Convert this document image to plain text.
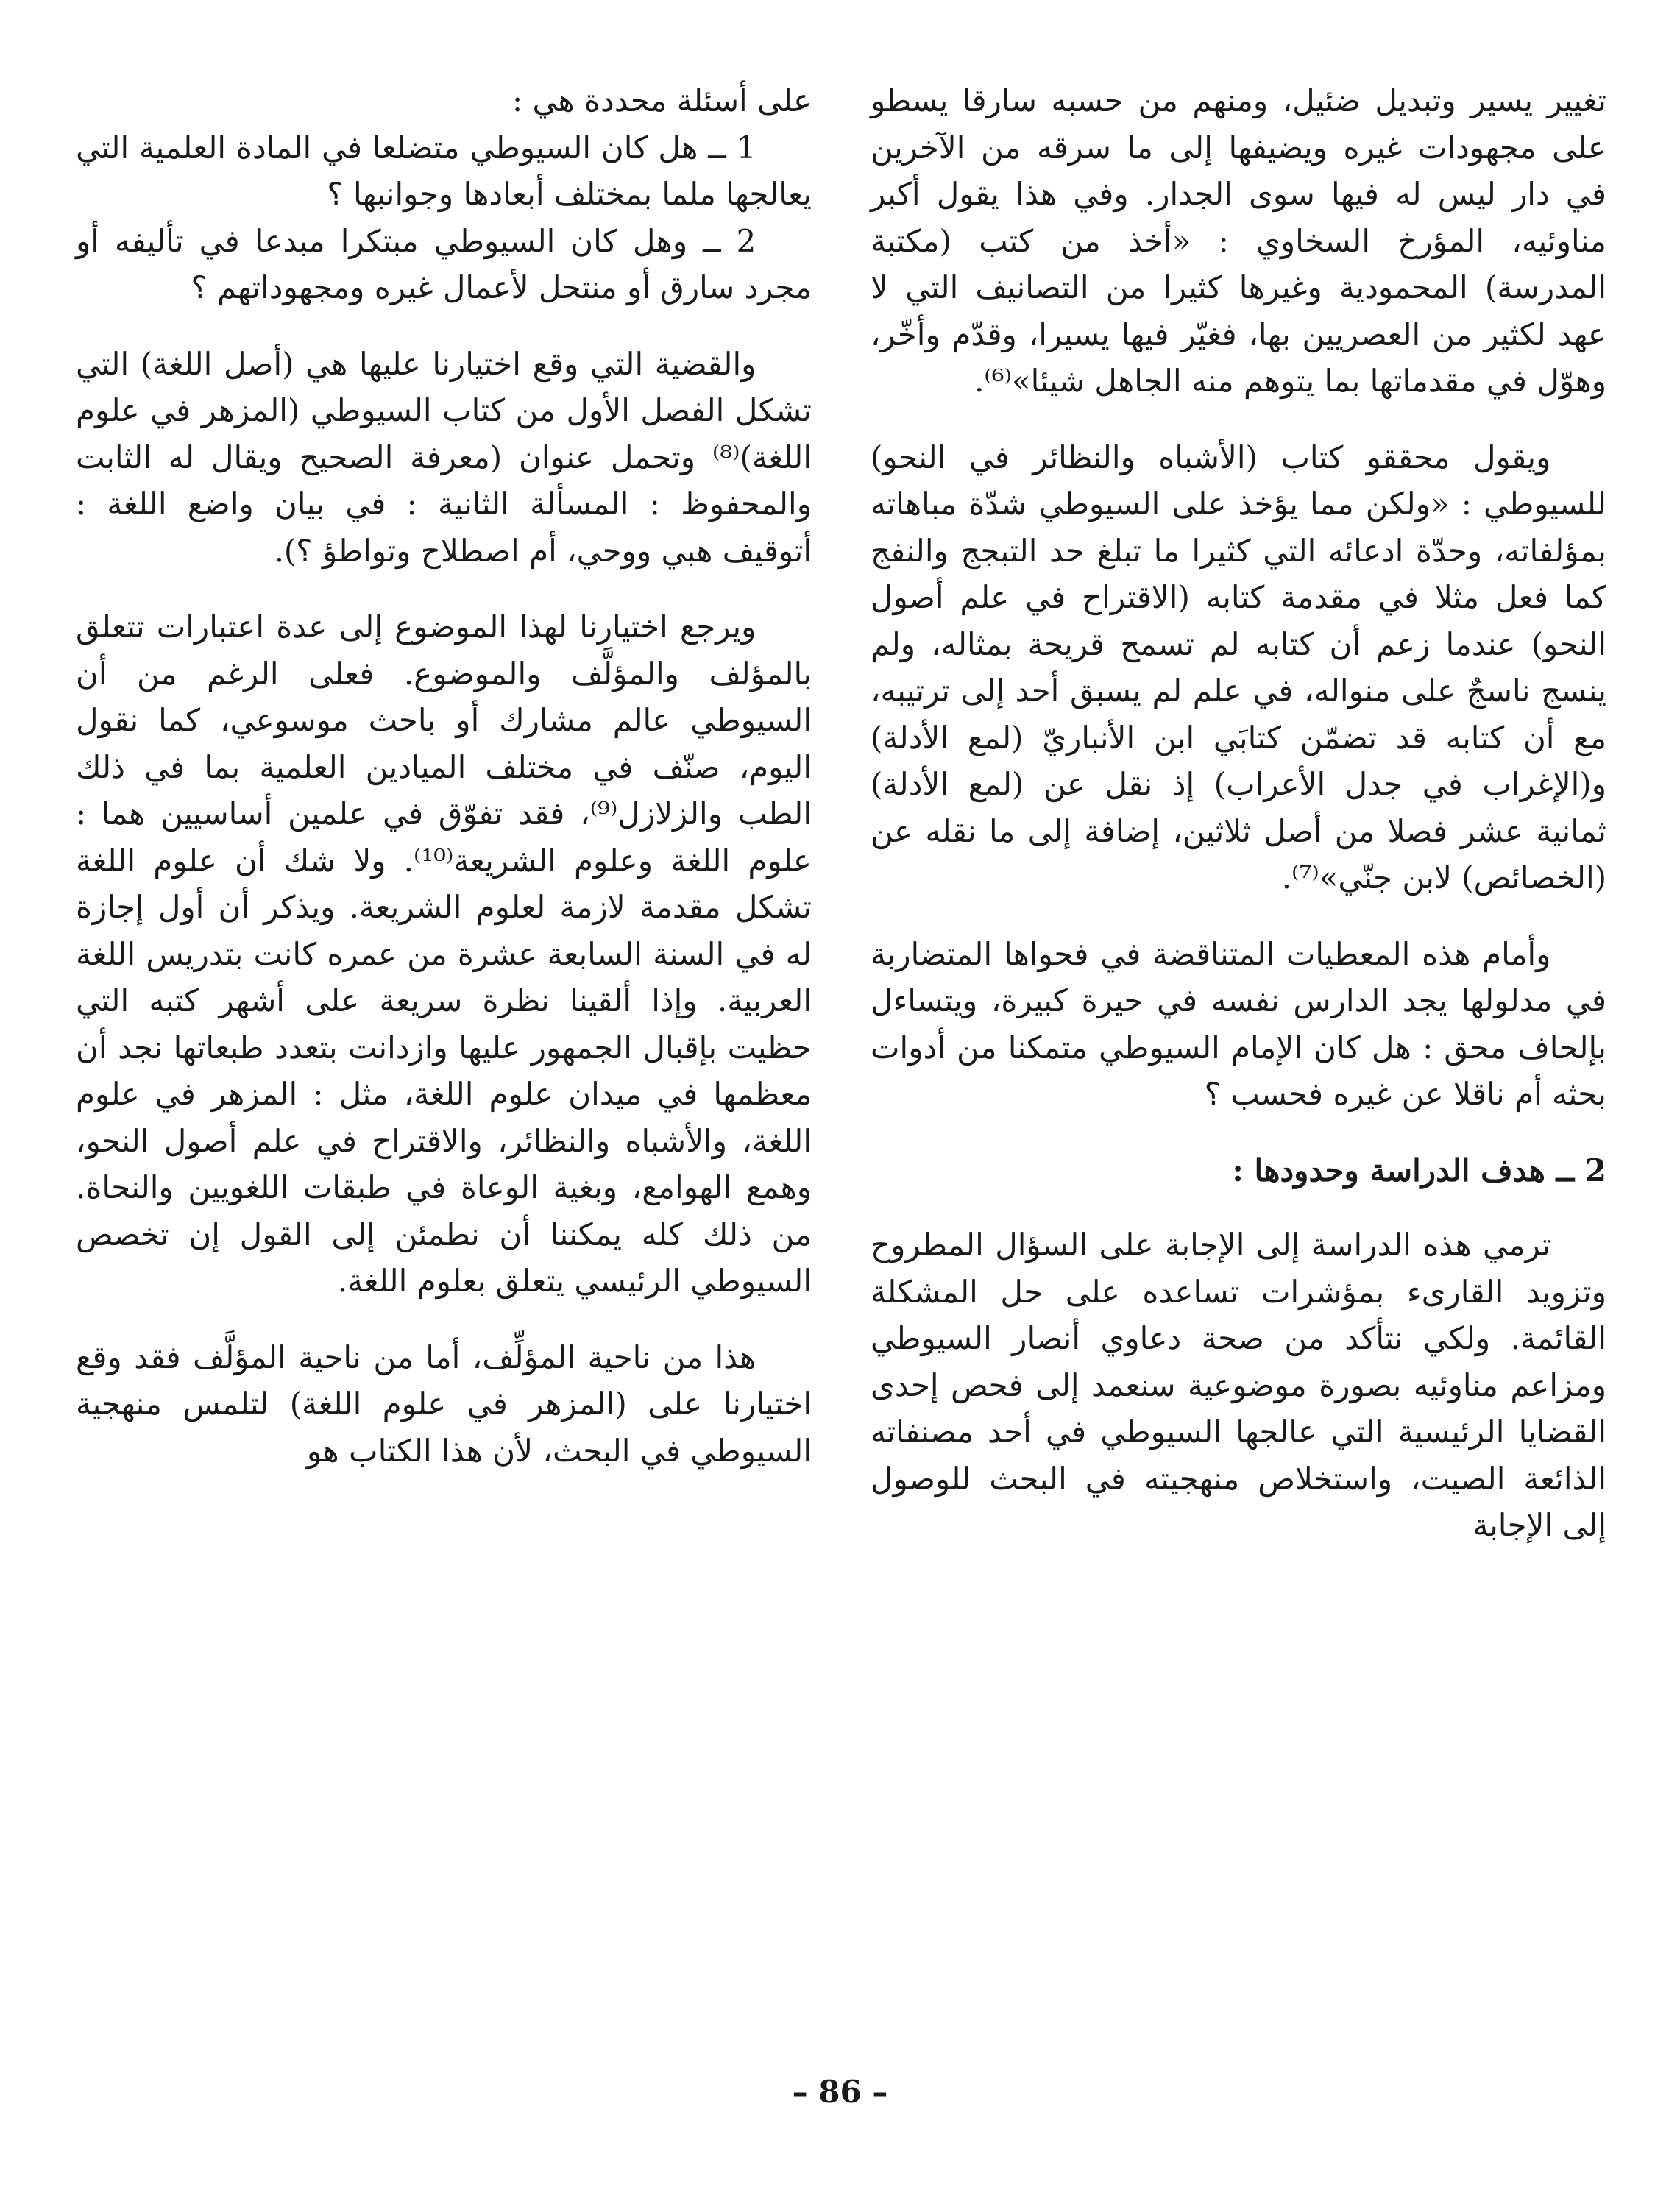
تغيير يسير وتبديل ضئيل، ومنهم من حسبه سارقا يسطو على مجهودات غيره ويضيفها إلى ما سرقه من الآخرين في دار ليس له فيها سوى الجدار. وفي هذا يقول أكبر مناوئيه، المؤرخ السخاوي : «أخذ من كتب (مكتبة المدرسة) المحمودية وغيرها كثيرا من التصانيف التي لا عهد لكثير من العصريين بها، فغيّر فيها يسيرا، وقدّم وأخّر، وهوّل في مقدماتها بما يتوهم منه الجاهل شيئا»⁽⁶⁾.

ويقول محققو كتاب (الأشباه والنظائر في النحو) للسيوطي : «ولكن مما يؤخذ على السيوطي شدّة مباهاته بمؤلفاته، وحدّة ادعائه التي كثيرا ما تبلغ حد التبجج والنفج كما فعل مثلا في مقدمة كتابه (الاقتراح في علم أصول النحو) عندما زعم أن كتابه لم تسمح قريحة بمثاله، ولم ينسج ناسجٌ على منواله، في علم لم يسبق أحد إلى ترتيبه، مع أن كتابه قد تضمّن كتابَي ابن الأنباريّ (لمع الأدلة) و(الإغراب في جدل الأعراب) إذ نقل عن (لمع الأدلة) ثمانية عشر فصلا من أصل ثلاثين، إضافة إلى ما نقله عن (الخصائص) لابن جنّي»⁽⁷⁾.

وأمام هذه المعطيات المتناقضة في فحواها المتضاربة في مدلولها يجد الدارس نفسه في حيرة كبيرة، ويتساءل بإلحاف محق : هل كان الإمام السيوطي متمكنا من أدوات بحثه أم ناقلا عن غيره فحسب ؟

2 ــ هدف الدراسة وحدودها :

ترمي هذه الدراسة إلى الإجابة على السؤال المطروح وتزويد القارىء بمؤشرات تساعده على حل المشكلة القائمة. ولكي نتأكد من صحة دعاوي أنصار السيوطي ومزاعم مناوئيه بصورة موضوعية سنعمد إلى فحص إحدى القضايا الرئيسية التي عالجها السيوطي في أحد مصنفاته الذائعة الصيت، واستخلاص منهجيته في البحث للوصول إلى الإجابة

على أسئلة محددة هي :

1 ــ هل كان السيوطي متضلعا في المادة العلمية التي يعالجها ملما بمختلف أبعادها وجوانبها ؟

2 ــ وهل كان السيوطي مبتكرا مبدعا في تأليفه أو مجرد سارق أو منتحل لأعمال غيره ومجهوداتهم ؟

والقضية التي وقع اختيارنا عليها هي (أصل اللغة) التي تشكل الفصل الأول من كتاب السيوطي (المزهر في علوم اللغة)⁽⁸⁾ وتحمل عنوان (معرفة الصحيح ويقال له الثابت والمحفوظ : المسألة الثانية : في بيان واضع اللغة : أتوقيف هبي ووحي، أم اصطلاح وتواطؤ ؟).

ويرجع اختيارنا لهذا الموضوع إلى عدة اعتبارات تتعلق بالمؤلف والمؤلَّف والموضوع. فعلى الرغم من أن السيوطي عالم مشارك أو باحث موسوعي، كما نقول اليوم، صنّف في مختلف الميادين العلمية بما في ذلك الطب والزلازل⁽⁹⁾، فقد تفوّق في علمين أساسيين هما : علوم اللغة وعلوم الشريعة⁽¹⁰⁾. ولا شك أن علوم اللغة تشكل مقدمة لازمة لعلوم الشريعة. ويذكر أن أول إجازة له في السنة السابعة عشرة من عمره كانت بتدريس اللغة العربية. وإذا ألقينا نظرة سريعة على أشهر كتبه التي حظيت بإقبال الجمهور عليها وازدانت بتعدد طبعاتها نجد أن معظمها في ميدان علوم اللغة، مثل : المزهر في علوم اللغة، والأشباه والنظائر، والاقتراح في علم أصول النحو، وهمع الهوامع، وبغية الوعاة في طبقات اللغويين والنحاة. من ذلك كله يمكننا أن نطمئن إلى القول إن تخصص السيوطي الرئيسي يتعلق بعلوم اللغة.

هذا من ناحية المؤلِّف، أما من ناحية المؤلَّف فقد وقع اختيارنا على (المزهر في علوم اللغة) لتلمس منهجية السيوطي في البحث، لأن هذا الكتاب هو

– 86 –
